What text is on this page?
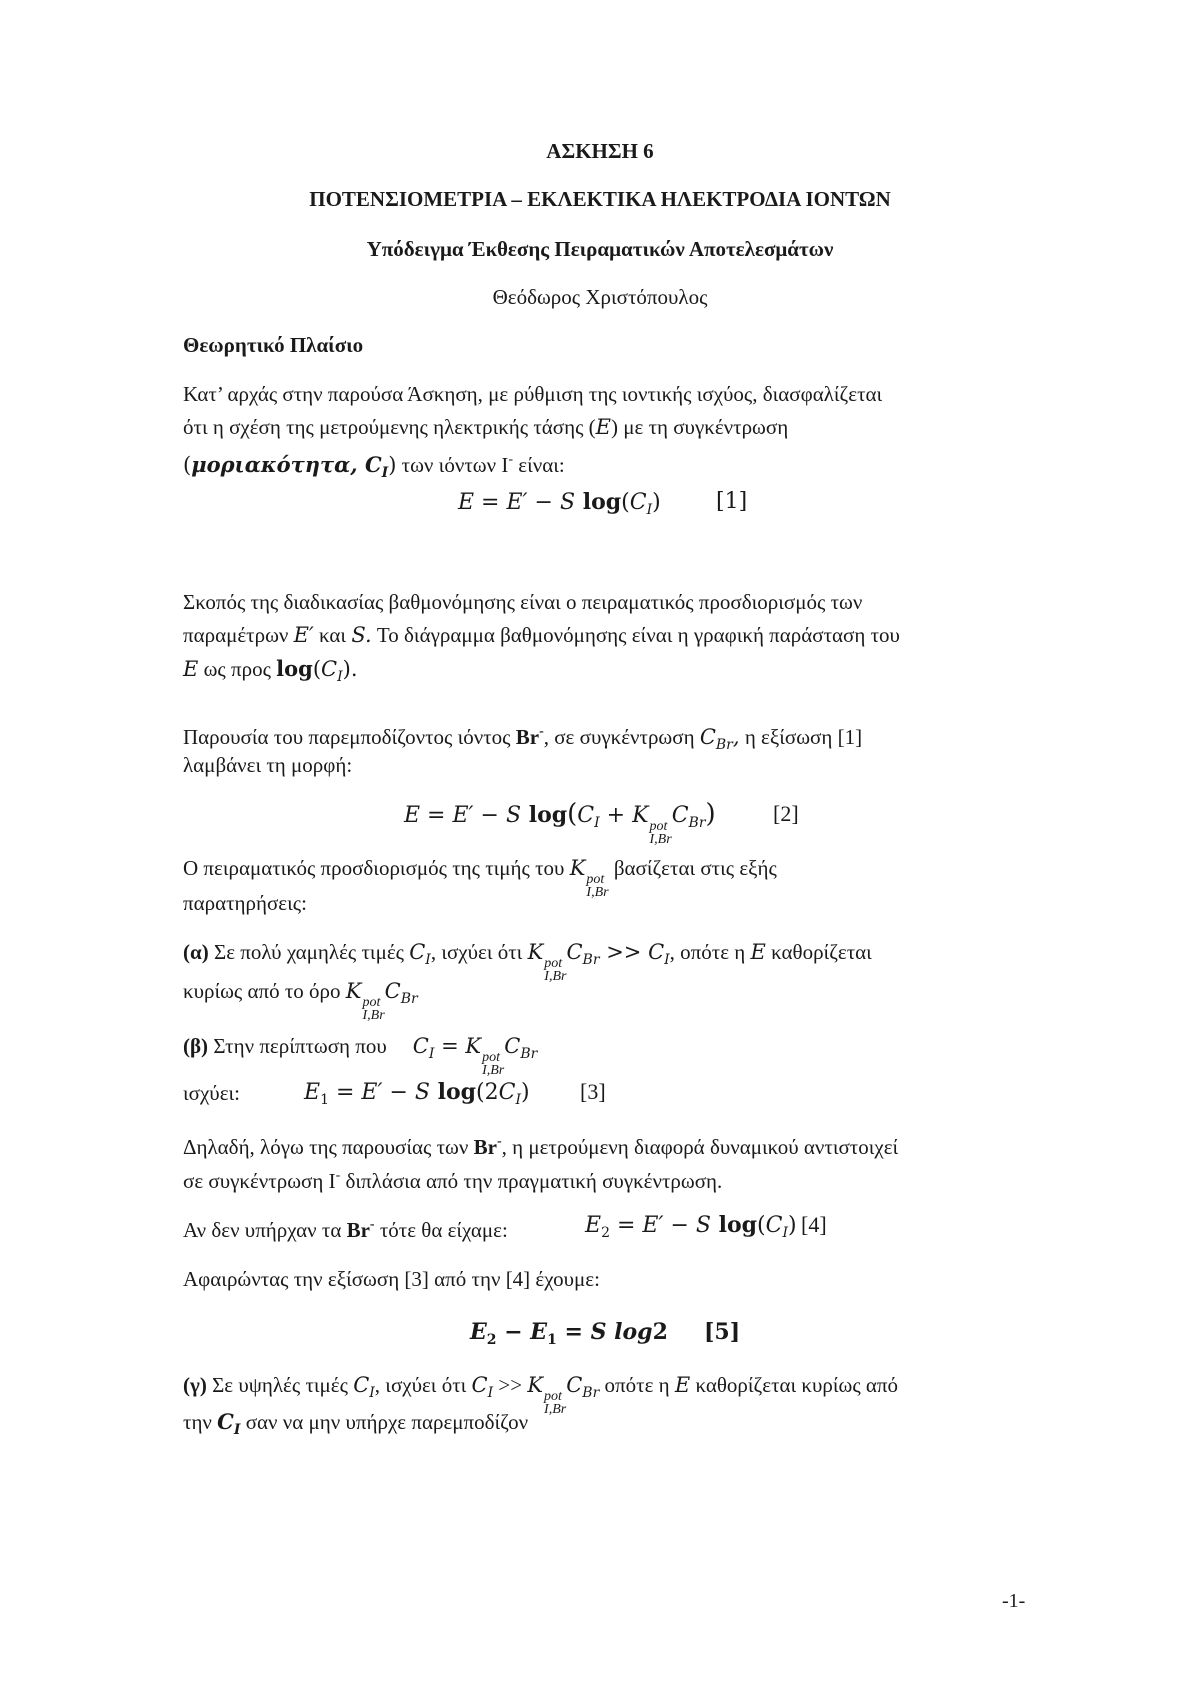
ΑΣΚΗΣΗ 6
ΠΟΤΕΝΣΙΟΜΕΤΡΙΑ – ΕΚΛΕΚΤΙΚΑ ΗΛΕΚΤΡΟΔΙΑ ΙΟΝΤΩΝ
Υπόδειγμα Έκθεσης Πειραματικών Αποτελεσμάτων
Θεόδωρος Χριστόπουλος
Θεωρητικό Πλαίσιο
Κατ’ αρχάς στην παρούσα Άσκηση, με ρύθμιση της ιοντικής ισχύος, διασφαλίζεται
ότι η σχέση της μετρούμενης ηλεκτρικής τάσης (E) με τη συγκέντρωση
(μοριακότητα, $C_I$) των ιόντων I- είναι:
E = E′ − S $\log(C_I)$	[1]
Σκοπός της διαδικασίας βαθμονόμησης είναι ο πειραματικός προσδιορισμός των
παραμέτρων E′ και S. Το διάγραμμα βαθμονόμησης είναι η γραφική παράσταση του
E ως προς $\log(C_I)$.
Παρουσία του παρεμποδίζοντος ιόντος Br-, σε συγκέντρωση $C_{Br}$, η εξίσωση [1]
λαμβάνει τη μορφή:
E = E′ − S $\log(C_I + K$ pot
I,Br
$C_{Br}$)	[2]
Ο πειραματικός προσδιορισμός της τιμής του K pot
I,Br
βασίζεται στις εξής
παρατηρήσεις:
(α) Σε πολύ χαμηλές τιμές $C_I$, ισχύει ότι K pot
I,Br
$C_{Br} >> C_I$, οπότε η E καθορίζεται
κυρίως από το όρο K pot
I,Br
$C_{Br}$
(β) Στην περίπτωση που $C_I = K$ pot
I,Br
$C_{Br}$
ισχύει:	$E_1 = E' - S$ $\log(2C_I)$ [3]
Δηλαδή, λόγω της παρουσίας των Br-, η μετρούμενη διαφορά δυναμικού αντιστοιχεί
σε συγκέντρωση I- διπλάσια από την πραγματική συγκέντρωση.
Αν δεν υπήρχαν τα Br- τότε θα είχαμε:	$E_2 = E' - S$ $\log(C_I)$ [4]
Αφαιρώντας την εξίσωση [3] από την [4] έχουμε:
$E_2 - E_1 = S$ log2 [5]
(γ) Σε υψηλές τιμές $C_I$, ισχύει ότι $C_I >> K$ pot
I,Br
$C_{Br}$ οπότε η E καθορίζεται κυρίως από
την $C_I$ σαν να μην υπήρχε παρεμποδίζον
-1-
